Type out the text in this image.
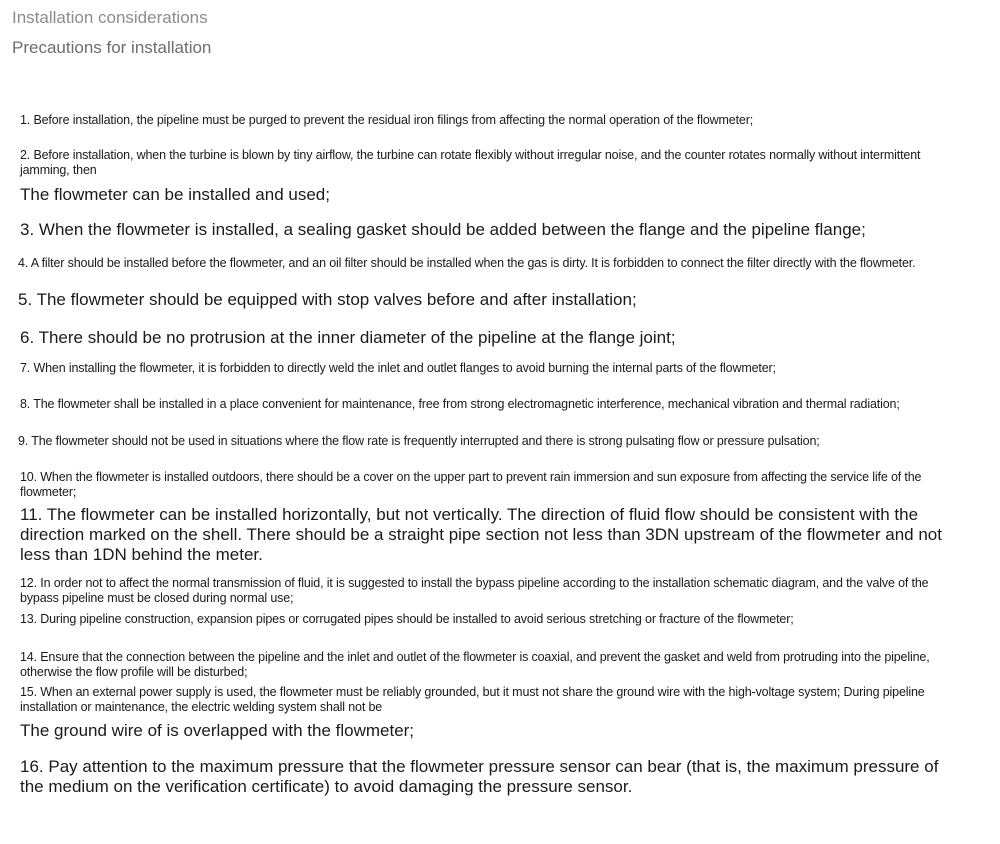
Installation considerations
Precautions for installation

1. Before installation, the pipeline must be purged to prevent the residual iron filings from affecting the normal operation of the flowmeter;

2. Before installation, when the turbine is blown by tiny airflow, the turbine can rotate flexibly without irregular noise, and the counter rotates normally without intermittent jamming, then

The flowmeter can be installed and used;

3. When the flowmeter is installed, a sealing gasket should be added between the flange and the pipeline flange;

4. A filter should be installed before the flowmeter, and an oil filter should be installed when the gas is dirty. It is forbidden to connect the filter directly with the flowmeter.

5. The flowmeter should be equipped with stop valves before and after installation;

6. There should be no protrusion at the inner diameter of the pipeline at the flange joint;

7. When installing the flowmeter, it is forbidden to directly weld the inlet and outlet flanges to avoid burning the internal parts of the flowmeter;

8. The flowmeter shall be installed in a place convenient for maintenance, free from strong electromagnetic interference, mechanical vibration and thermal radiation;

9. The flowmeter should not be used in situations where the flow rate is frequently interrupted and there is strong pulsating flow or pressure pulsation;

10. When the flowmeter is installed outdoors, there should be a cover on the upper part to prevent rain immersion and sun exposure from affecting the service life of the flowmeter;

11. The flowmeter can be installed horizontally, but not vertically. The direction of fluid flow should be consistent with the direction marked on the shell. There should be a straight pipe section not less than 3DN upstream of the flowmeter and not less than 1DN behind the meter.

12. In order not to affect the normal transmission of fluid, it is suggested to install the bypass pipeline according to the installation schematic diagram, and the valve of the bypass pipeline must be closed during normal use;

13. During pipeline construction, expansion pipes or corrugated pipes should be installed to avoid serious stretching or fracture of the flowmeter;

14. Ensure that the connection between the pipeline and the inlet and outlet of the flowmeter is coaxial, and prevent the gasket and weld from protruding into the pipeline, otherwise the flow profile will be disturbed;

15. When an external power supply is used, the flowmeter must be reliably grounded, but it must not share the ground wire with the high-voltage system; During pipeline installation or maintenance, the electric welding system shall not be

The ground wire of is overlapped with the flowmeter;

16. Pay attention to the maximum pressure that the flowmeter pressure sensor can bear (that is, the maximum pressure of the medium on the verification certificate) to avoid damaging the pressure sensor.
